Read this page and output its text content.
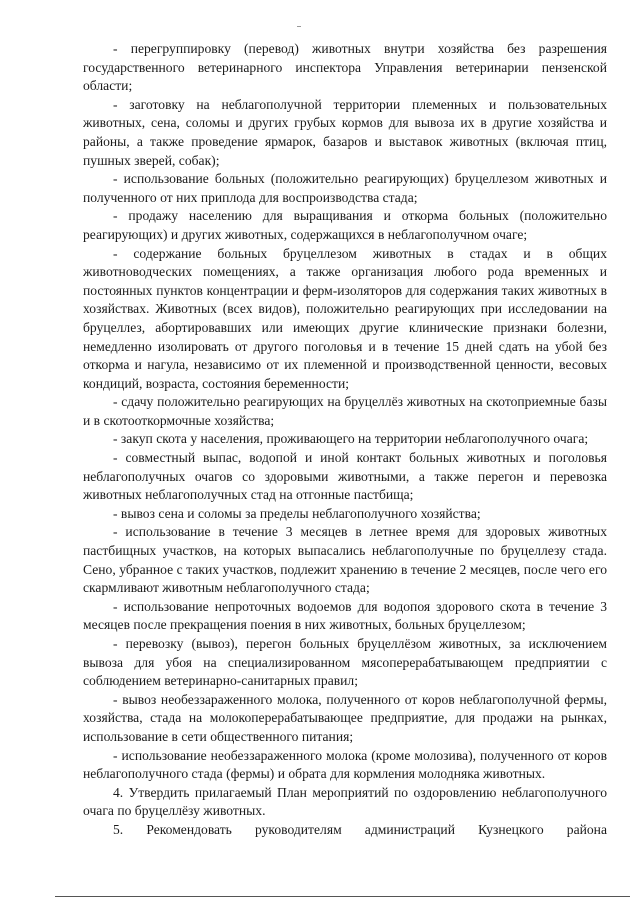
- перегруппировку (перевод) животных внутри хозяйства без разрешения государственного ветеринарного инспектора Управления ветеринарии пензенской области;

- заготовку на неблагополучной территории племенных и пользовательных животных, сена, соломы и других грубых кормов для вывоза их в другие хозяйства и районы, а также проведение ярмарок, базаров и выставок животных (включая птиц, пушных зверей, собак);

- использование больных (положительно реагирующих) бруцеллезом животных и полученного от них приплода для воспроизводства стада;

- продажу населению для выращивания и откорма больных (положительно реагирующих) и других животных, содержащихся в неблагополучном очаге;

- содержание больных бруцеллезом животных в стадах и в общих животноводческих помещениях, а также организация любого рода временных и постоянных пунктов концентрации и ферм-изоляторов для содержания таких животных в хозяйствах. Животных (всех видов), положительно реагирующих при исследовании на бруцеллез, абортировавших или имеющих другие клинические признаки болезни, немедленно изолировать от другого поголовья и в течение 15 дней сдать на убой без откорма и нагула, независимо от их племенной и производственной ценности, весовых кондиций, возраста, состояния беременности;

- сдачу положительно реагирующих на бруцеллёз животных на скотоприемные базы и в скотооткормочные хозяйства;

- закуп скота у населения, проживающего на территории неблагополучного очага;

- совместный выпас, водопой и иной контакт больных животных и поголовья неблагополучных очагов со здоровыми животными, а также перегон и перевозка животных неблагополучных стад на отгонные пастбища;

- вывоз сена и соломы за пределы неблагополучного хозяйства;

- использование в течение 3 месяцев в летнее время для здоровых животных пастбищных участков, на которых выпасались неблагополучные по бруцеллезу стада. Сено, убранное с таких участков, подлежит хранению в течение 2 месяцев, после чего его скармливают животным неблагополучного стада;

- использование непроточных водоемов для водопоя здорового скота в течение 3 месяцев после прекращения поения в них животных, больных бруцеллезом;

- перевозку (вывоз), перегон больных бруцеллёзом животных, за исключением вывоза для убоя на специализированном мясоперерабатывающем предприятии с соблюдением ветеринарно-санитарных правил;

- вывоз необеззараженного молока, полученного от коров неблагополучной фермы, хозяйства, стада на молокоперерабатывающее предприятие, для продажи на рынках, использование в сети общественного питания;

- использование необеззараженного молока (кроме молозива), полученного от коров неблагополучного стада (фермы) и обрата для кормления молодняка животных.

4. Утвердить прилагаемый План мероприятий по оздоровлению неблагополучного очага по бруцеллёзу животных.

5. Рекомендовать руководителям администраций Кузнецкого района
